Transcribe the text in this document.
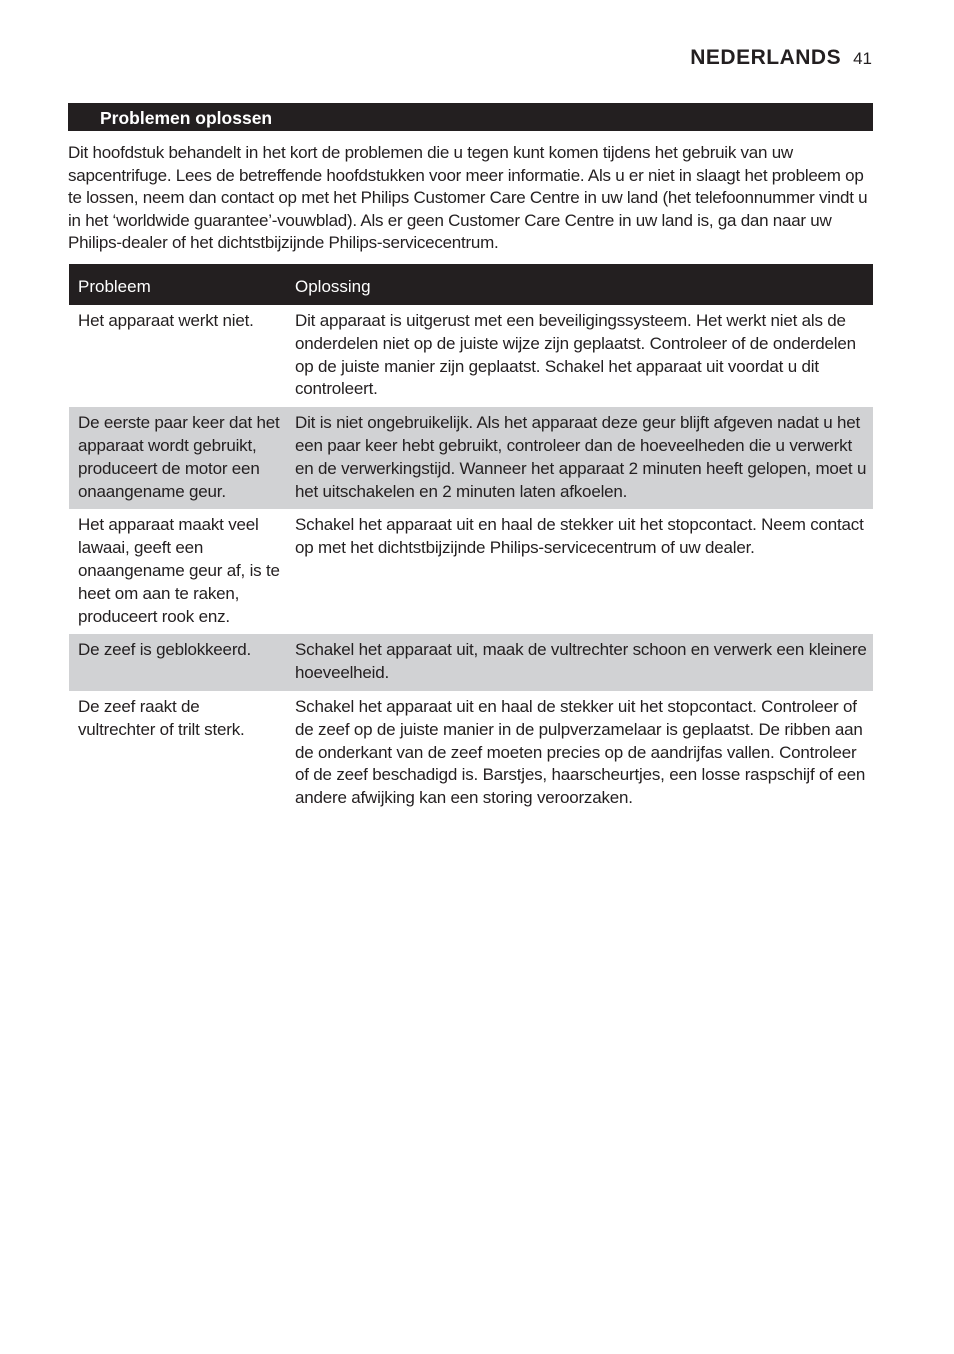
NEDERLANDS 41
Problemen oplossen

Dit hoofdstuk behandelt in het kort de problemen die u tegen kunt komen tijdens het gebruik van uw sapcentrifuge. Lees de betreffende hoofdstukken voor meer informatie. Als u er niet in slaagt het probleem op te lossen, neem dan contact op met het Philips Customer Care Centre in uw land (het telefoonnummer vindt u in het ‘worldwide guarantee’-vouwblad). Als er geen Customer Care Centre in uw land is, ga dan naar uw Philips-dealer of het dichtstbijzijnde Philips-servicecentrum.

Probleem	Oplossing
Het apparaat werkt niet.	Dit apparaat is uitgerust met een beveiligingssysteem. Het werkt niet als de onderdelen niet op de juiste wijze zijn geplaatst. Controleer of de onderdelen op de juiste manier zijn geplaatst. Schakel het apparaat uit voordat u dit controleert.
De eerste paar keer dat het apparaat wordt gebruikt, produceert de motor een onaangename geur.	Dit is niet ongebruikelijk. Als het apparaat deze geur blijft afgeven nadat u het een paar keer hebt gebruikt, controleer dan de hoeveelheden die u verwerkt en de verwerkingstijd. Wanneer het apparaat 2 minuten heeft gelopen, moet u het uitschakelen en 2 minuten laten afkoelen.
Het apparaat maakt veel lawaai, geeft een onaangename geur af, is te heet om aan te raken, produceert rook enz.	Schakel het apparaat uit en haal de stekker uit het stopcontact. Neem contact op met het dichtstbijzijnde Philips-servicecentrum of uw dealer.
De zeef is geblokkeerd.	Schakel het apparaat uit, maak de vultrechter schoon en verwerk een kleinere hoeveelheid.
De zeef raakt de vultrechter of trilt sterk.	Schakel het apparaat uit en haal de stekker uit het stopcontact. Controleer of de zeef op de juiste manier in de pulpverzamelaar is geplaatst. De ribben aan de onderkant van de zeef moeten precies op de aandrijfas vallen. Controleer of de zeef beschadigd is. Barstjes, haarscheurtjes, een losse raspschijf of een andere afwijking kan een storing veroorzaken.
